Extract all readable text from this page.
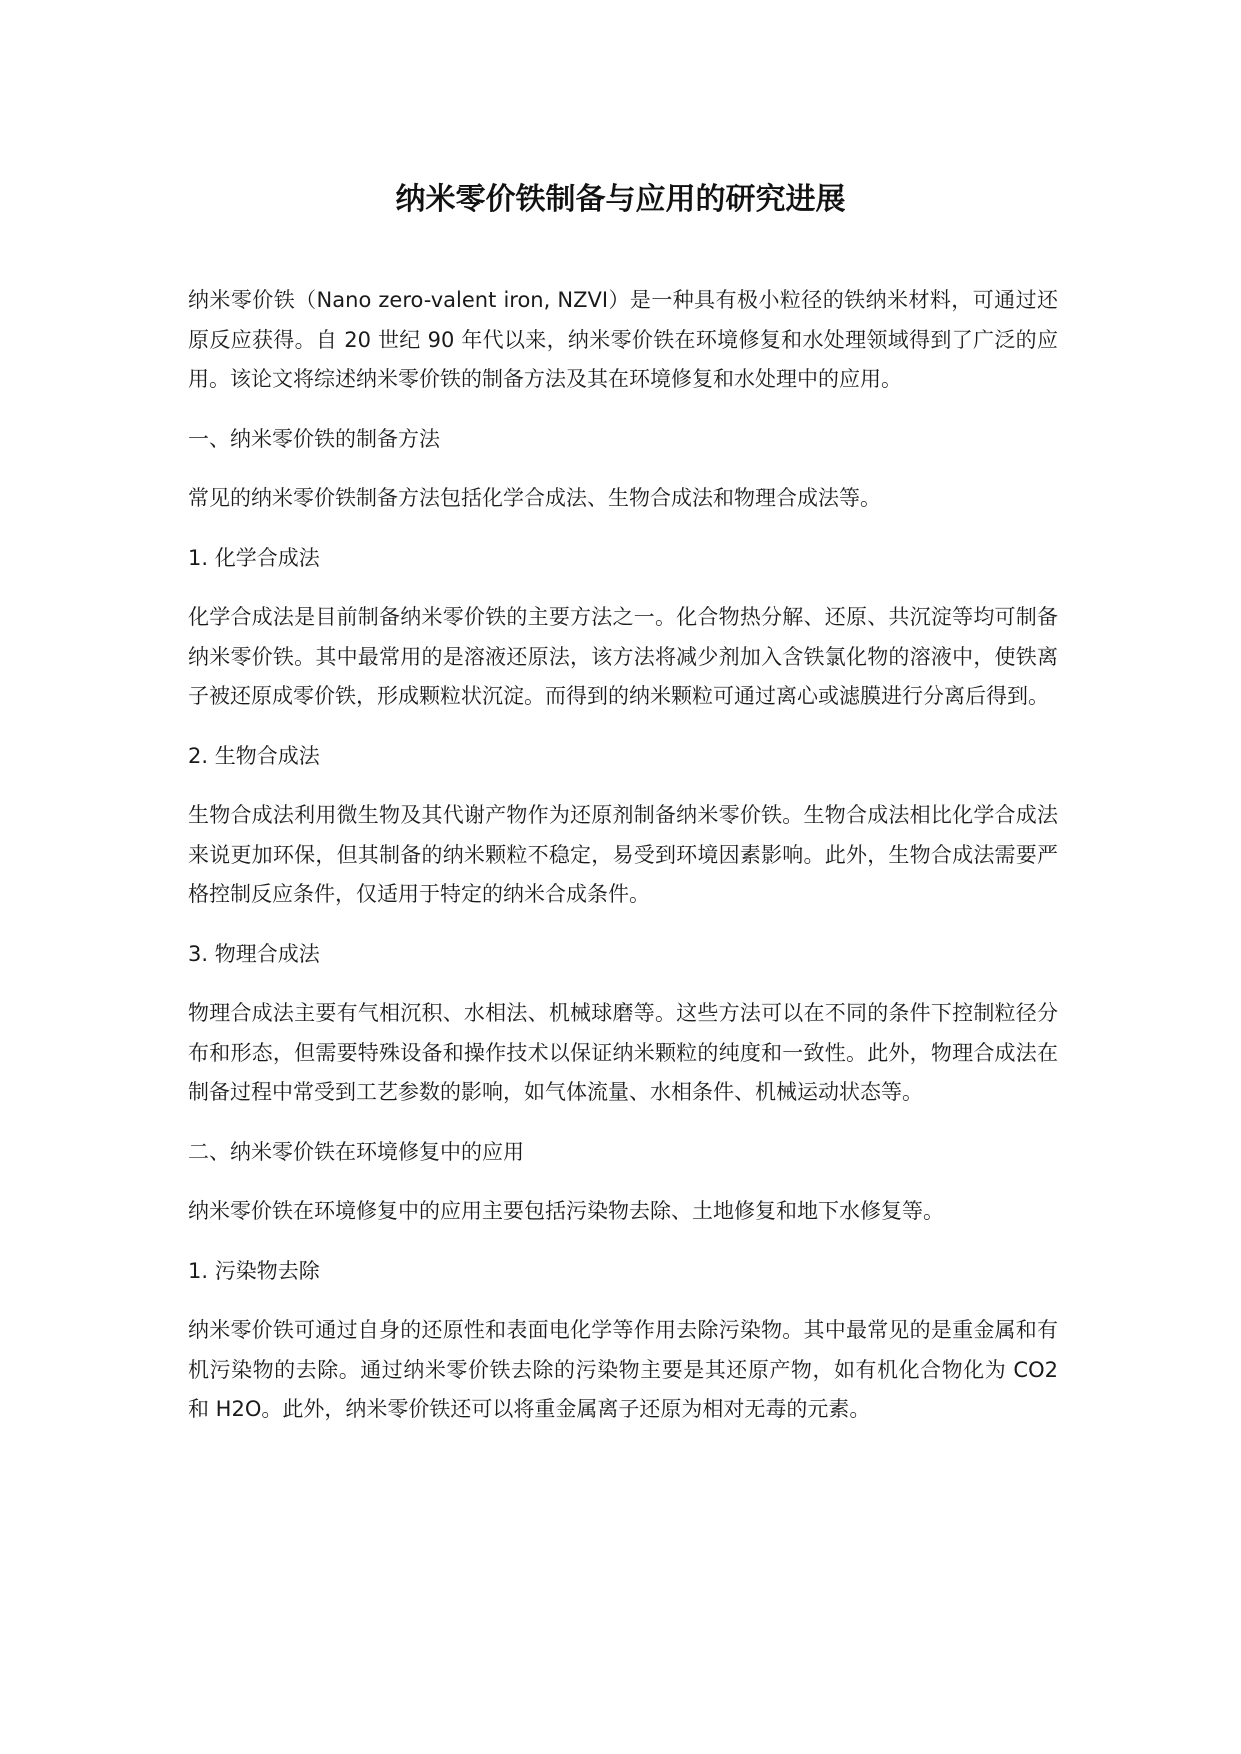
纳米零价铁制备与应用的研究进展

纳米零价铁（Nano zero-valent iron, NZVI）是一种具有极小粒径的铁纳米材料，可通过还原反应获得。自 20 世纪 90 年代以来，纳米零价铁在环境修复和水处理领域得到了广泛的应用。该论文将综述纳米零价铁的制备方法及其在环境修复和水处理中的应用。

一、纳米零价铁的制备方法

常见的纳米零价铁制备方法包括化学合成法、生物合成法和物理合成法等。

1. 化学合成法

化学合成法是目前制备纳米零价铁的主要方法之一。化合物热分解、还原、共沉淀等均可制备纳米零价铁。其中最常用的是溶液还原法，该方法将减少剂加入含铁氯化物的溶液中，使铁离子被还原成零价铁，形成颗粒状沉淀。而得到的纳米颗粒可通过离心或滤膜进行分离后得到。

2. 生物合成法

生物合成法利用微生物及其代谢产物作为还原剂制备纳米零价铁。生物合成法相比化学合成法来说更加环保，但其制备的纳米颗粒不稳定，易受到环境因素影响。此外，生物合成法需要严格控制反应条件，仅适用于特定的纳米合成条件。

3. 物理合成法

物理合成法主要有气相沉积、水相法、机械球磨等。这些方法可以在不同的条件下控制粒径分布和形态，但需要特殊设备和操作技术以保证纳米颗粒的纯度和一致性。此外，物理合成法在制备过程中常受到工艺参数的影响，如气体流量、水相条件、机械运动状态等。

二、纳米零价铁在环境修复中的应用

纳米零价铁在环境修复中的应用主要包括污染物去除、土地修复和地下水修复等。

1. 污染物去除

纳米零价铁可通过自身的还原性和表面电化学等作用去除污染物。其中最常见的是重金属和有机污染物的去除。通过纳米零价铁去除的污染物主要是其还原产物，如有机化合物化为 CO2 和 H2O。此外，纳米零价铁还可以将重金属离子还原为相对无毒的元素。
